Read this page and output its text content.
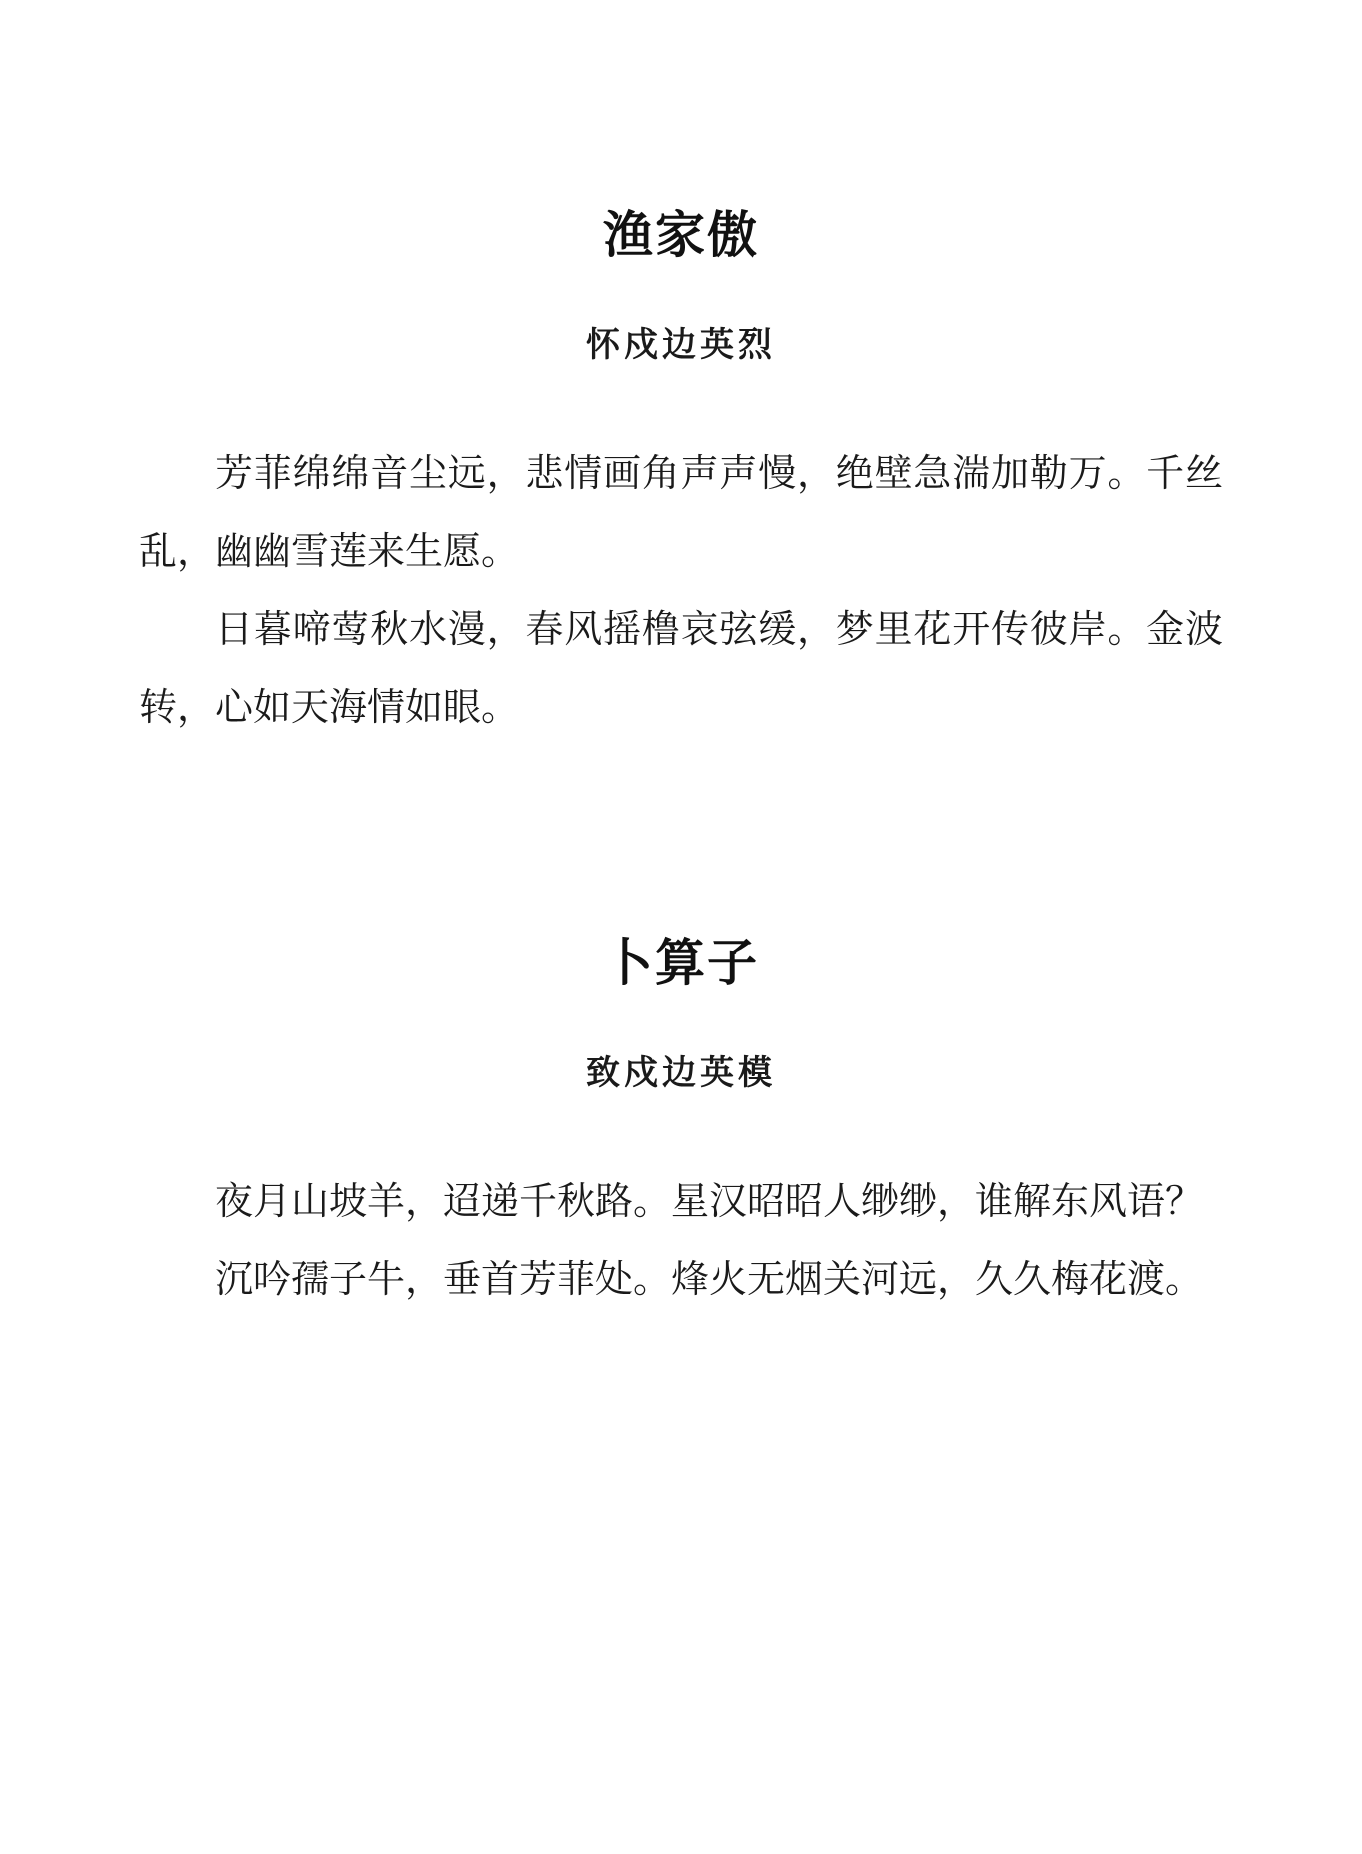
渔家傲
怀戍边英烈

芳菲绵绵音尘远，悲情画角声声慢，绝壁急湍加勒万。千丝乱，幽幽雪莲来生愿。

日暮啼莺秋水漫，春风摇橹哀弦缓，梦里花开传彼岸。金波转，心如天海情如眼。

卜算子
致戍边英模

夜月山坡羊，迢递千秋路。星汉昭昭人缈缈，谁解东风语？

沉吟孺子牛，垂首芳菲处。烽火无烟关河远，久久梅花渡。
